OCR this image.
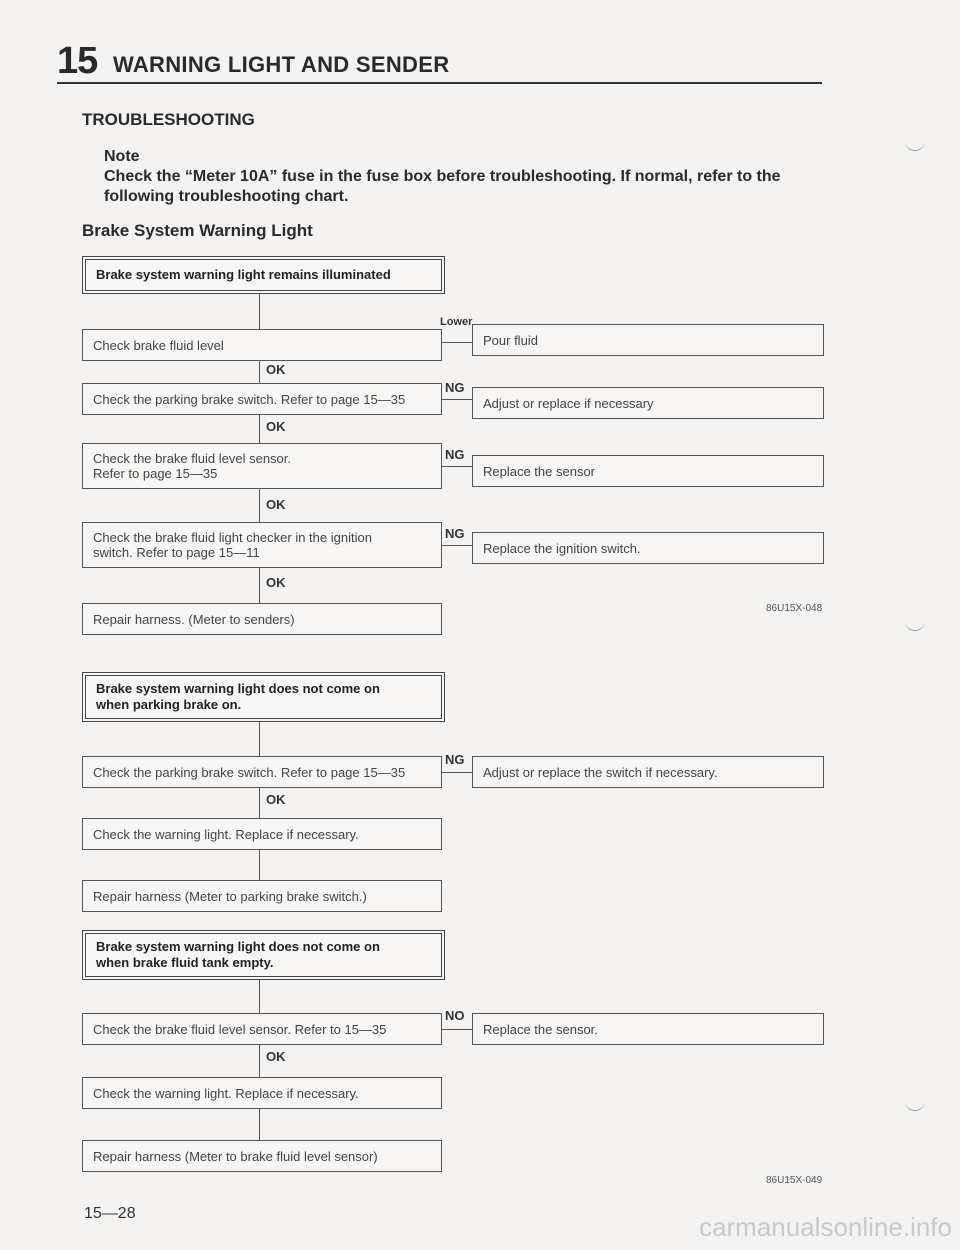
15 WARNING LIGHT AND SENDER
TROUBLESHOOTING
Note
Check the “Meter 10A” fuse in the fuse box before troubleshooting. If normal, refer to the following troubleshooting chart.
Brake System Warning Light
Brake system warning light remains illuminated
Check brake fluid level
OK
Check the parking brake switch. Refer to page 15—35
OK
Check the brake fluid level sensor.
Refer to page 15—35
OK
Check the brake fluid light checker in the ignition
switch. Refer to page 15—11
OK
Repair harness. (Meter to senders)
Lower
Pour fluid
NG
Adjust or replace if necessary
NG
Replace the sensor
NG
Replace the ignition switch.
86U15X-048
Brake system warning light does not come on
when parking brake on.
Check the parking brake switch. Refer to page 15—35
OK
Check the warning light. Replace if necessary.
Repair harness (Meter to parking brake switch.)
NG
Adjust or replace the switch if necessary.
Brake system warning light does not come on
when brake fluid tank empty.
Check the brake fluid level sensor. Refer to 15—35
OK
Check the warning light. Replace if necessary.
Repair harness (Meter to brake fluid level sensor)
NO
Replace the sensor.
86U15X-049
15—28	carmanualsonline.info
